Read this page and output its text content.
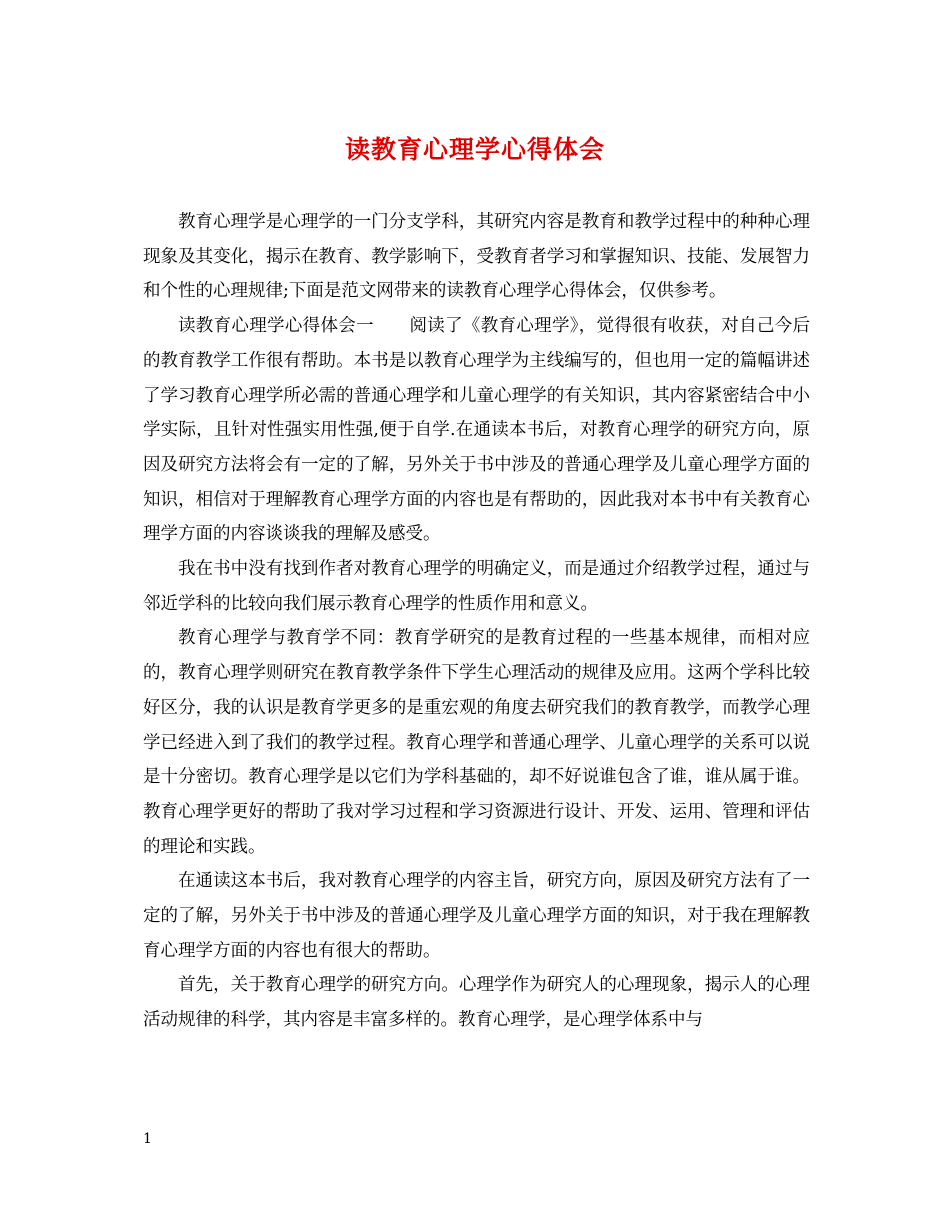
读教育心理学心得体会

教育心理学是心理学的一门分支学科，其研究内容是教育和教学过程中的种种心理现象及其变化，揭示在教育、教学影响下，受教育者学习和掌握知识、技能、发展智力和个性的心理规律;下面是范文网带来的读教育心理学心得体会，仅供参考。

读教育心理学心得体会一　　阅读了《教育心理学》，觉得很有收获，对自己今后的教育教学工作很有帮助。本书是以教育心理学为主线编写的，但也用一定的篇幅讲述了学习教育心理学所必需的普通心理学和儿童心理学的有关知识，其内容紧密结合中小学实际，且针对性强实用性强,便于自学.在通读本书后，对教育心理学的研究方向，原因及研究方法将会有一定的了解，另外关于书中涉及的普通心理学及儿童心理学方面的知识，相信对于理解教育心理学方面的内容也是有帮助的，因此我对本书中有关教育心理学方面的内容谈谈我的理解及感受。

我在书中没有找到作者对教育心理学的明确定义，而是通过介绍教学过程，通过与邻近学科的比较向我们展示教育心理学的性质作用和意义。

教育心理学与教育学不同：教育学研究的是教育过程的一些基本规律，而相对应的，教育心理学则研究在教育教学条件下学生心理活动的规律及应用。这两个学科比较好区分，我的认识是教育学更多的是重宏观的角度去研究我们的教育教学，而教学心理学已经进入到了我们的教学过程。教育心理学和普通心理学、儿童心理学的关系可以说是十分密切。教育心理学是以它们为学科基础的，却不好说谁包含了谁，谁从属于谁。教育心理学更好的帮助了我对学习过程和学习资源进行设计、开发、运用、管理和评估的理论和实践。

在通读这本书后，我对教育心理学的内容主旨，研究方向，原因及研究方法有了一定的了解，另外关于书中涉及的普通心理学及儿童心理学方面的知识，对于我在理解教育心理学方面的内容也有很大的帮助。

首先，关于教育心理学的研究方向。心理学作为研究人的心理现象，揭示人的心理活动规律的科学，其内容是丰富多样的。教育心理学，是心理学体系中与

1
